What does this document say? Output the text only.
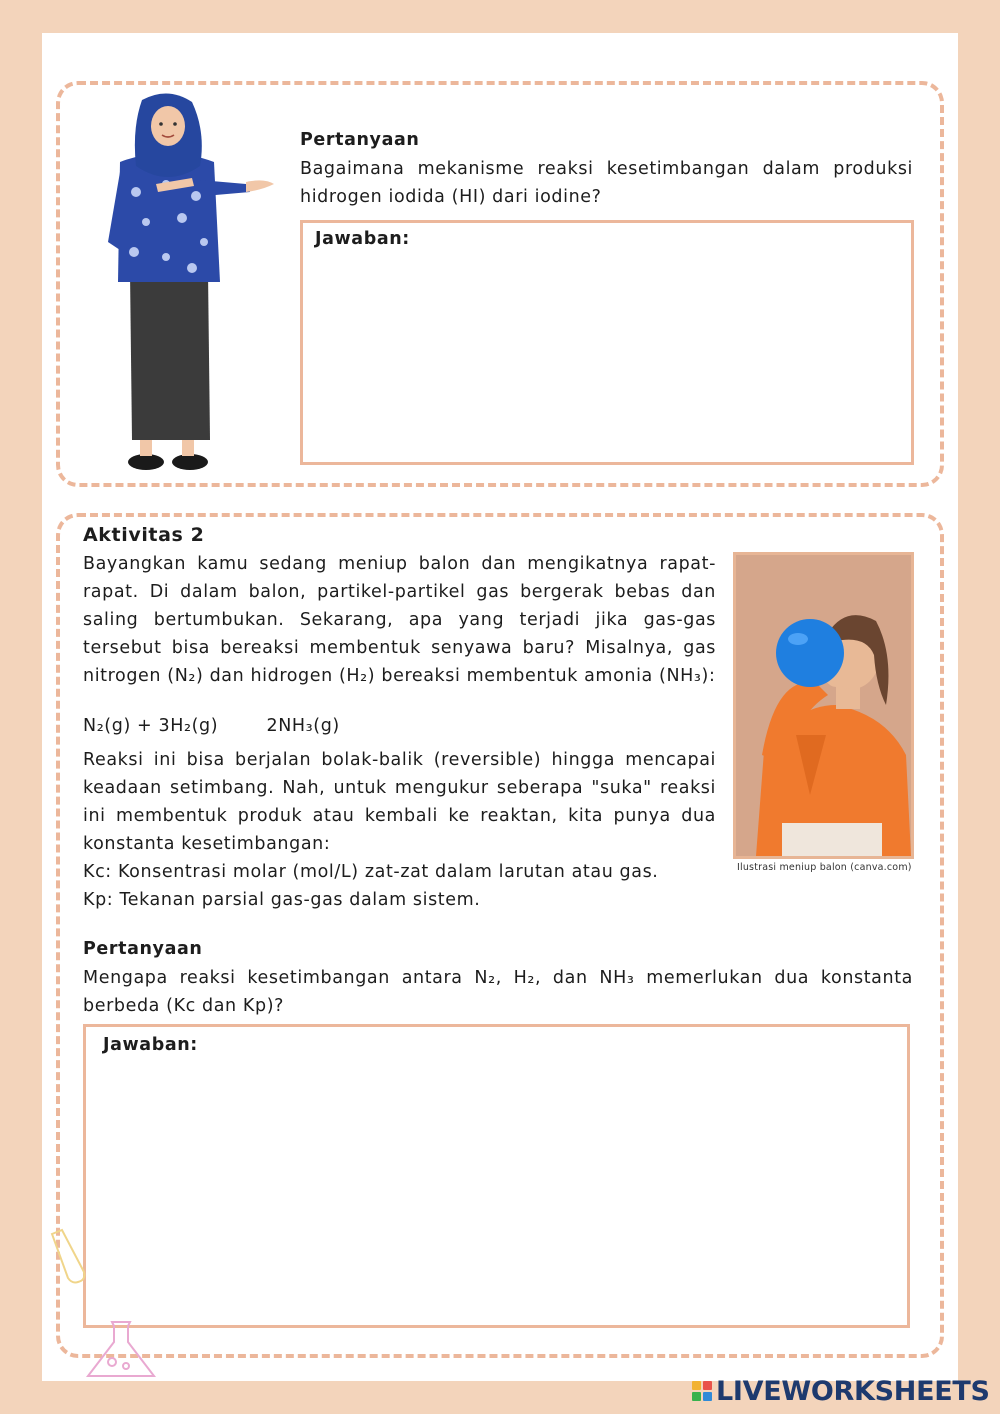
Pertanyaan

Bagaimana mekanisme reaksi kesetimbangan dalam produksi hidrogen iodida (HI) dari iodine?

Jawaban:
Aktivitas 2

Bayangkan kamu sedang meniup balon dan mengikatnya rapat-rapat. Di dalam balon, partikel-partikel gas bergerak bebas dan saling bertumbukan. Sekarang, apa yang terjadi jika gas-gas tersebut bisa bereaksi membentuk senyawa baru? Misalnya, gas nitrogen (N₂) dan hidrogen (H₂) bereaksi membentuk amonia (NH₃):

N₂(g) + 3H₂(g)	2NH₃(g)

Reaksi ini bisa berjalan bolak-balik (reversible) hingga mencapai keadaan setimbang. Nah, untuk mengukur seberapa "suka" reaksi ini membentuk produk atau kembali ke reaktan, kita punya dua konstanta kesetimbangan:

Kc: Konsentrasi molar (mol/L) zat-zat dalam larutan atau gas.
Kp: Tekanan parsial gas-gas dalam sistem.
Ilustrasi meniup balon (canva.com)
Pertanyaan

Mengapa reaksi kesetimbangan antara N₂, H₂, dan NH₃ memerlukan dua konstanta berbeda (Kc dan Kp)?

Jawaban:
LIVEWORKSHEETS
